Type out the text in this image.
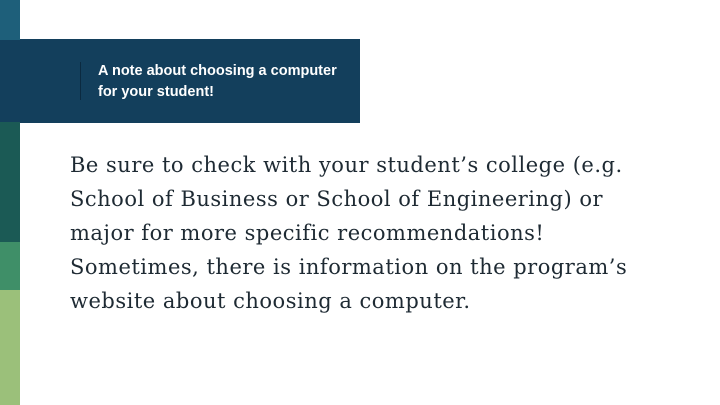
A note about choosing a computer for your student!

Be sure to check with your student’s college (e.g. School of Business or School of Engineering) or major for more specific recommendations! Sometimes, there is information on the program’s website about choosing a computer.
